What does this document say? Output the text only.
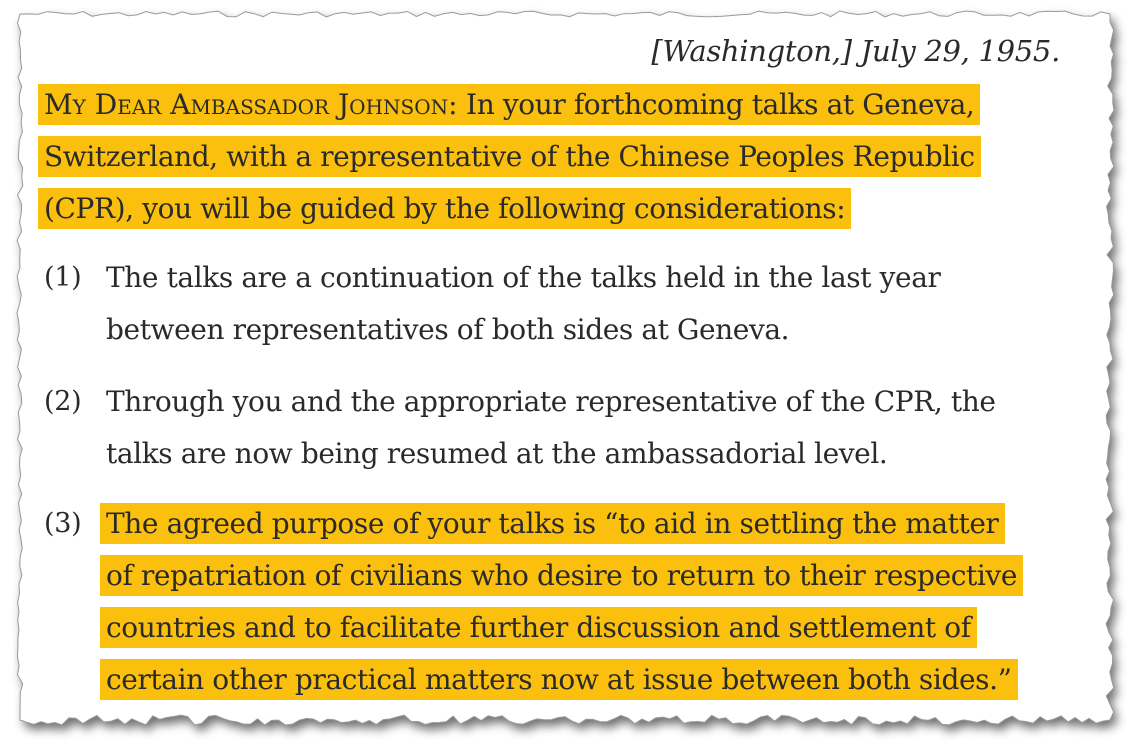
[Washington,] July 29, 1955.
My Dear Ambassador Johnson: In your forthcoming talks at Geneva,
Switzerland, with a representative of the Chinese Peoples Republic
(CPR), you will be guided by the following considerations:
(1) The talks are a continuation of the talks held in the last year
between representatives of both sides at Geneva.
(2) Through you and the appropriate representative of the CPR, the
talks are now being resumed at the ambassadorial level.
(3) The agreed purpose of your talks is “to aid in settling the matter
of repatriation of civilians who desire to return to their respective
countries and to facilitate further discussion and settlement of
certain other practical matters now at issue between both sides.”
